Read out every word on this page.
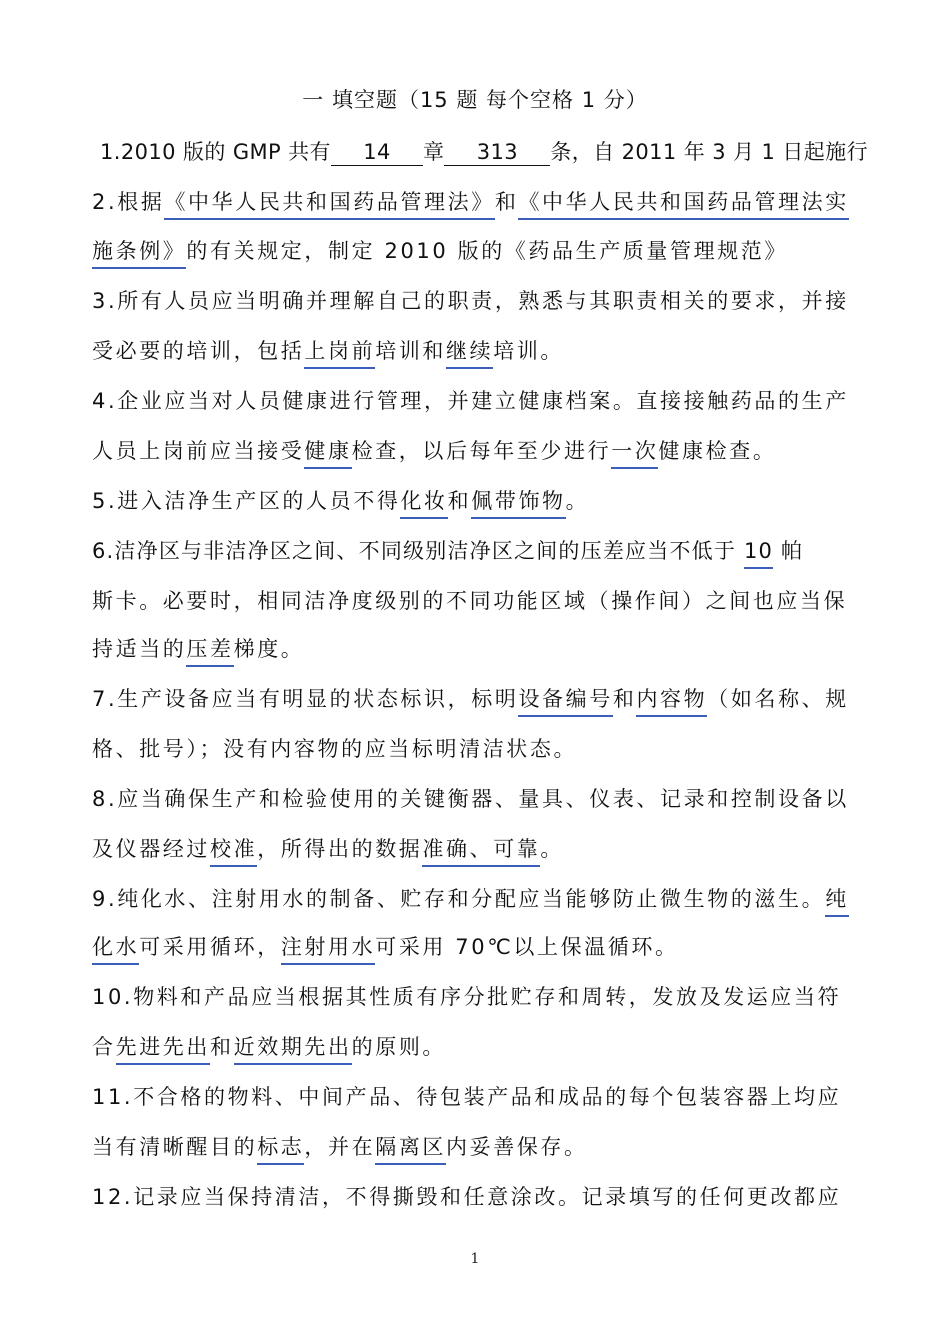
一 填空题（15 题 每个空格 1 分）
1.2010 版的 GMP 共有 14 章 313 条，自 2011 年 3 月 1 日起施行
2.根据《中华人民共和国药品管理法》和《中华人民共和国药品管理法实
施条例》的有关规定，制定 2010 版的《药品生产质量管理规范》
3.所有人员应当明确并理解自己的职责，熟悉与其职责相关的要求，并接
受必要的培训，包括上岗前培训和继续培训。
4.企业应当对人员健康进行管理，并建立健康档案。直接接触药品的生产
人员上岗前应当接受健康检查，以后每年至少进行一次健康检查。
5.进入洁净生产区的人员不得化妆和佩带饰物。
6.洁净区与非洁净区之间、不同级别洁净区之间的压差应当不低于 10 帕
斯卡。必要时，相同洁净度级别的不同功能区域（操作间）之间也应当保
持适当的压差梯度。
7.生产设备应当有明显的状态标识，标明设备编号和内容物（如名称、规
格、批号）；没有内容物的应当标明清洁状态。
8.应当确保生产和检验使用的关键衡器、量具、仪表、记录和控制设备以
及仪器经过校准，所得出的数据准确、可靠。
9.纯化水、注射用水的制备、贮存和分配应当能够防止微生物的滋生。纯
化水可采用循环，注射用水可采用 70℃以上保温循环。
10.物料和产品应当根据其性质有序分批贮存和周转，发放及发运应当符
合先进先出和近效期先出的原则。
11.不合格的物料、中间产品、待包装产品和成品的每个包装容器上均应
当有清晰醒目的标志，并在隔离区内妥善保存。
12.记录应当保持清洁，不得撕毁和任意涂改。记录填写的任何更改都应
1
